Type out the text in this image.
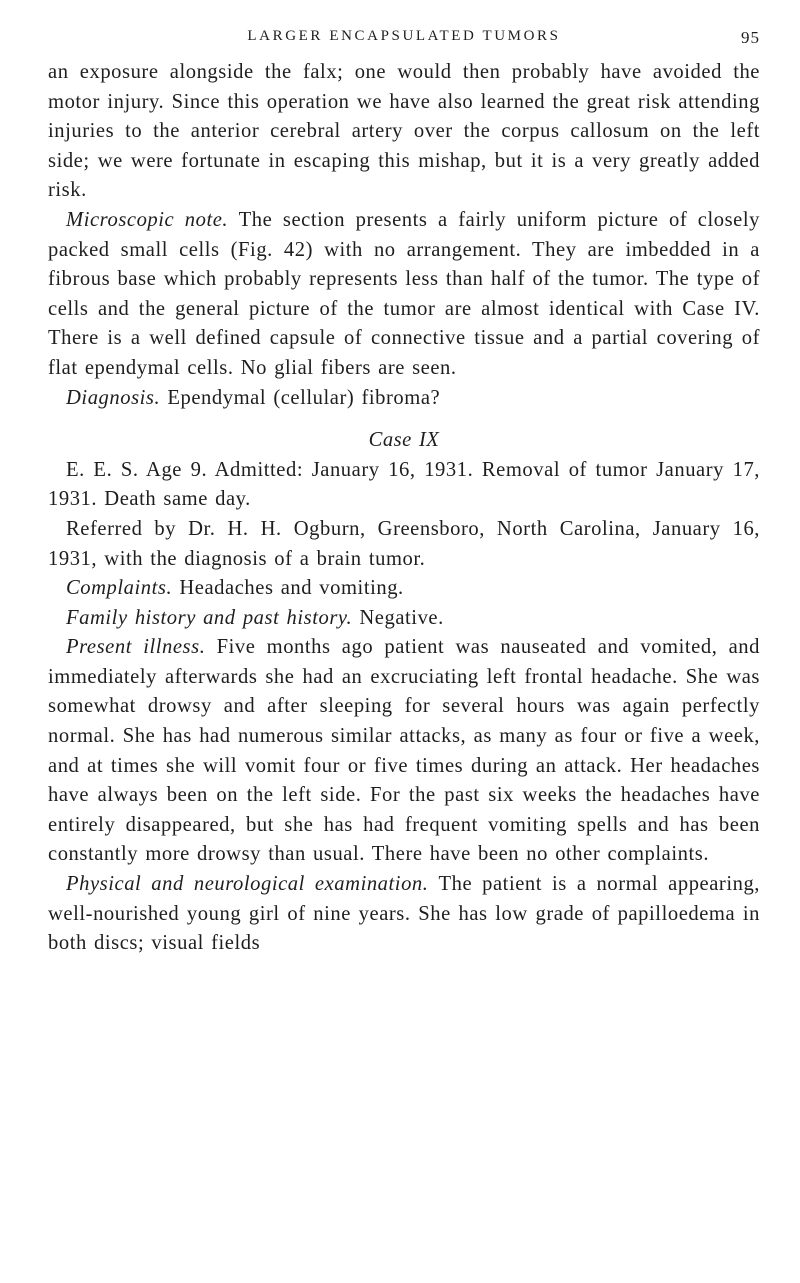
LARGER ENCAPSULATED TUMORS	95

an exposure alongside the falx; one would then probably have avoided the motor injury. Since this operation we have also learned the great risk attending injuries to the anterior cerebral artery over the corpus callosum on the left side; we were fortunate in escaping this mishap, but it is a very greatly added risk.

Microscopic note. The section presents a fairly uniform picture of closely packed small cells (Fig. 42) with no arrangement. They are imbedded in a fibrous base which probably represents less than half of the tumor. The type of cells and the general picture of the tumor are almost identical with Case IV. There is a well defined capsule of connective tissue and a partial covering of flat ependymal cells. No glial fibers are seen.

Diagnosis. Ependymal (cellular) fibroma?

Case IX

E. E. S. Age 9. Admitted: January 16, 1931. Removal of tumor January 17, 1931. Death same day.

Referred by Dr. H. H. Ogburn, Greensboro, North Carolina, January 16, 1931, with the diagnosis of a brain tumor.

Complaints. Headaches and vomiting.

Family history and past history. Negative.

Present illness. Five months ago patient was nauseated and vomited, and immediately afterwards she had an excruciating left frontal headache. She was somewhat drowsy and after sleeping for several hours was again perfectly normal. She has had numerous similar attacks, as many as four or five a week, and at times she will vomit four or five times during an attack. Her headaches have always been on the left side. For the past six weeks the headaches have entirely disappeared, but she has had frequent vomiting spells and has been constantly more drowsy than usual. There have been no other complaints.

Physical and neurological examination. The patient is a normal appearing, well-nourished young girl of nine years. She has low grade of papilloedema in both discs; visual fields
